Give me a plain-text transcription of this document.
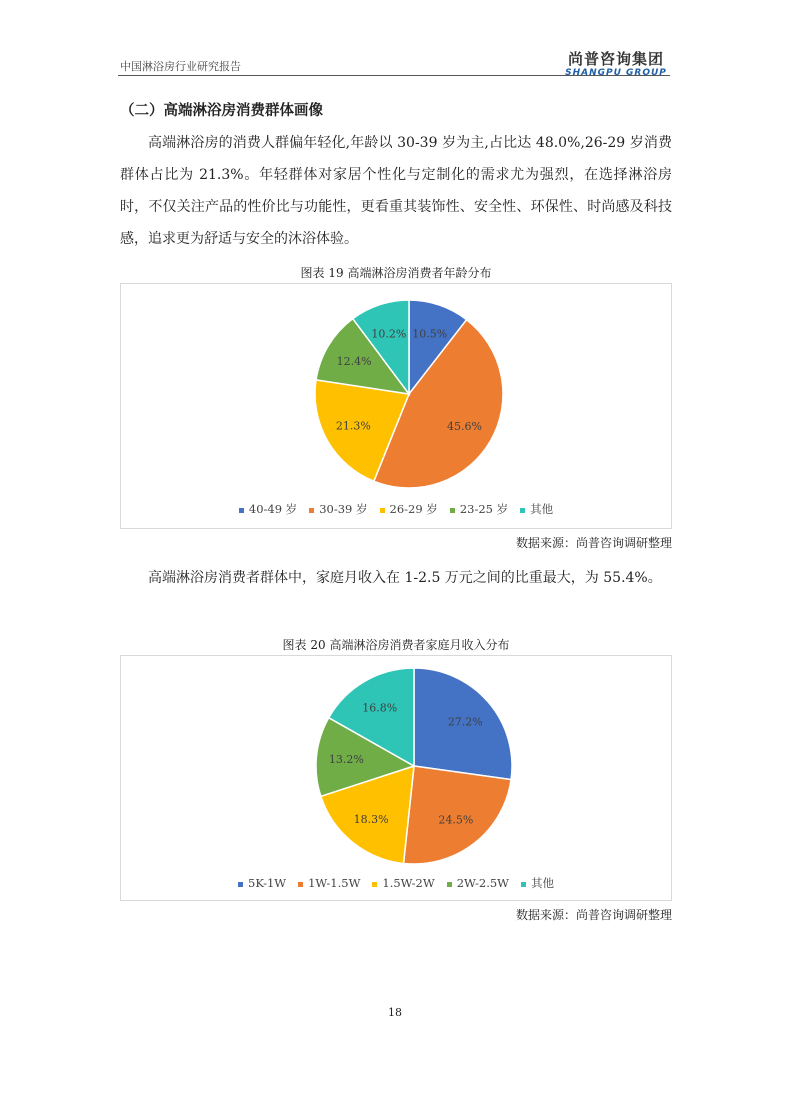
中国淋浴房行业研究报告	尚普咨询集团
SHANGPU GROUP
（二）高端淋浴房消费群体画像
高端淋浴房的消费人群偏年轻化,年龄以 30-39 岁为主,占比达 48.0%,26-29 岁消费群体占比为 21.3%。年轻群体对家居个性化与定制化的需求尤为强烈，在选择淋浴房时，不仅关注产品的性价比与功能性，更看重其装饰性、安全性、环保性、时尚感及科技感，追求更为舒适与安全的沐浴体验。
图表 19 高端淋浴房消费者年龄分布
10.5%
45.6%
21.3%
12.4%
10.2%
40-49 岁 30-39 岁 26-29 岁 23-25 岁 其他
数据来源：尚普咨询调研整理
高端淋浴房消费者群体中，家庭月收入在 1-2.5 万元之间的比重最大，为 55.4%。
图表 20 高端淋浴房消费者家庭月收入分布
27.2%
24.5%
18.3%
13.2%
16.8%
5K-1W 1W-1.5W 1.5W-2W 2W-2.5W 其他
数据来源：尚普咨询调研整理
18
